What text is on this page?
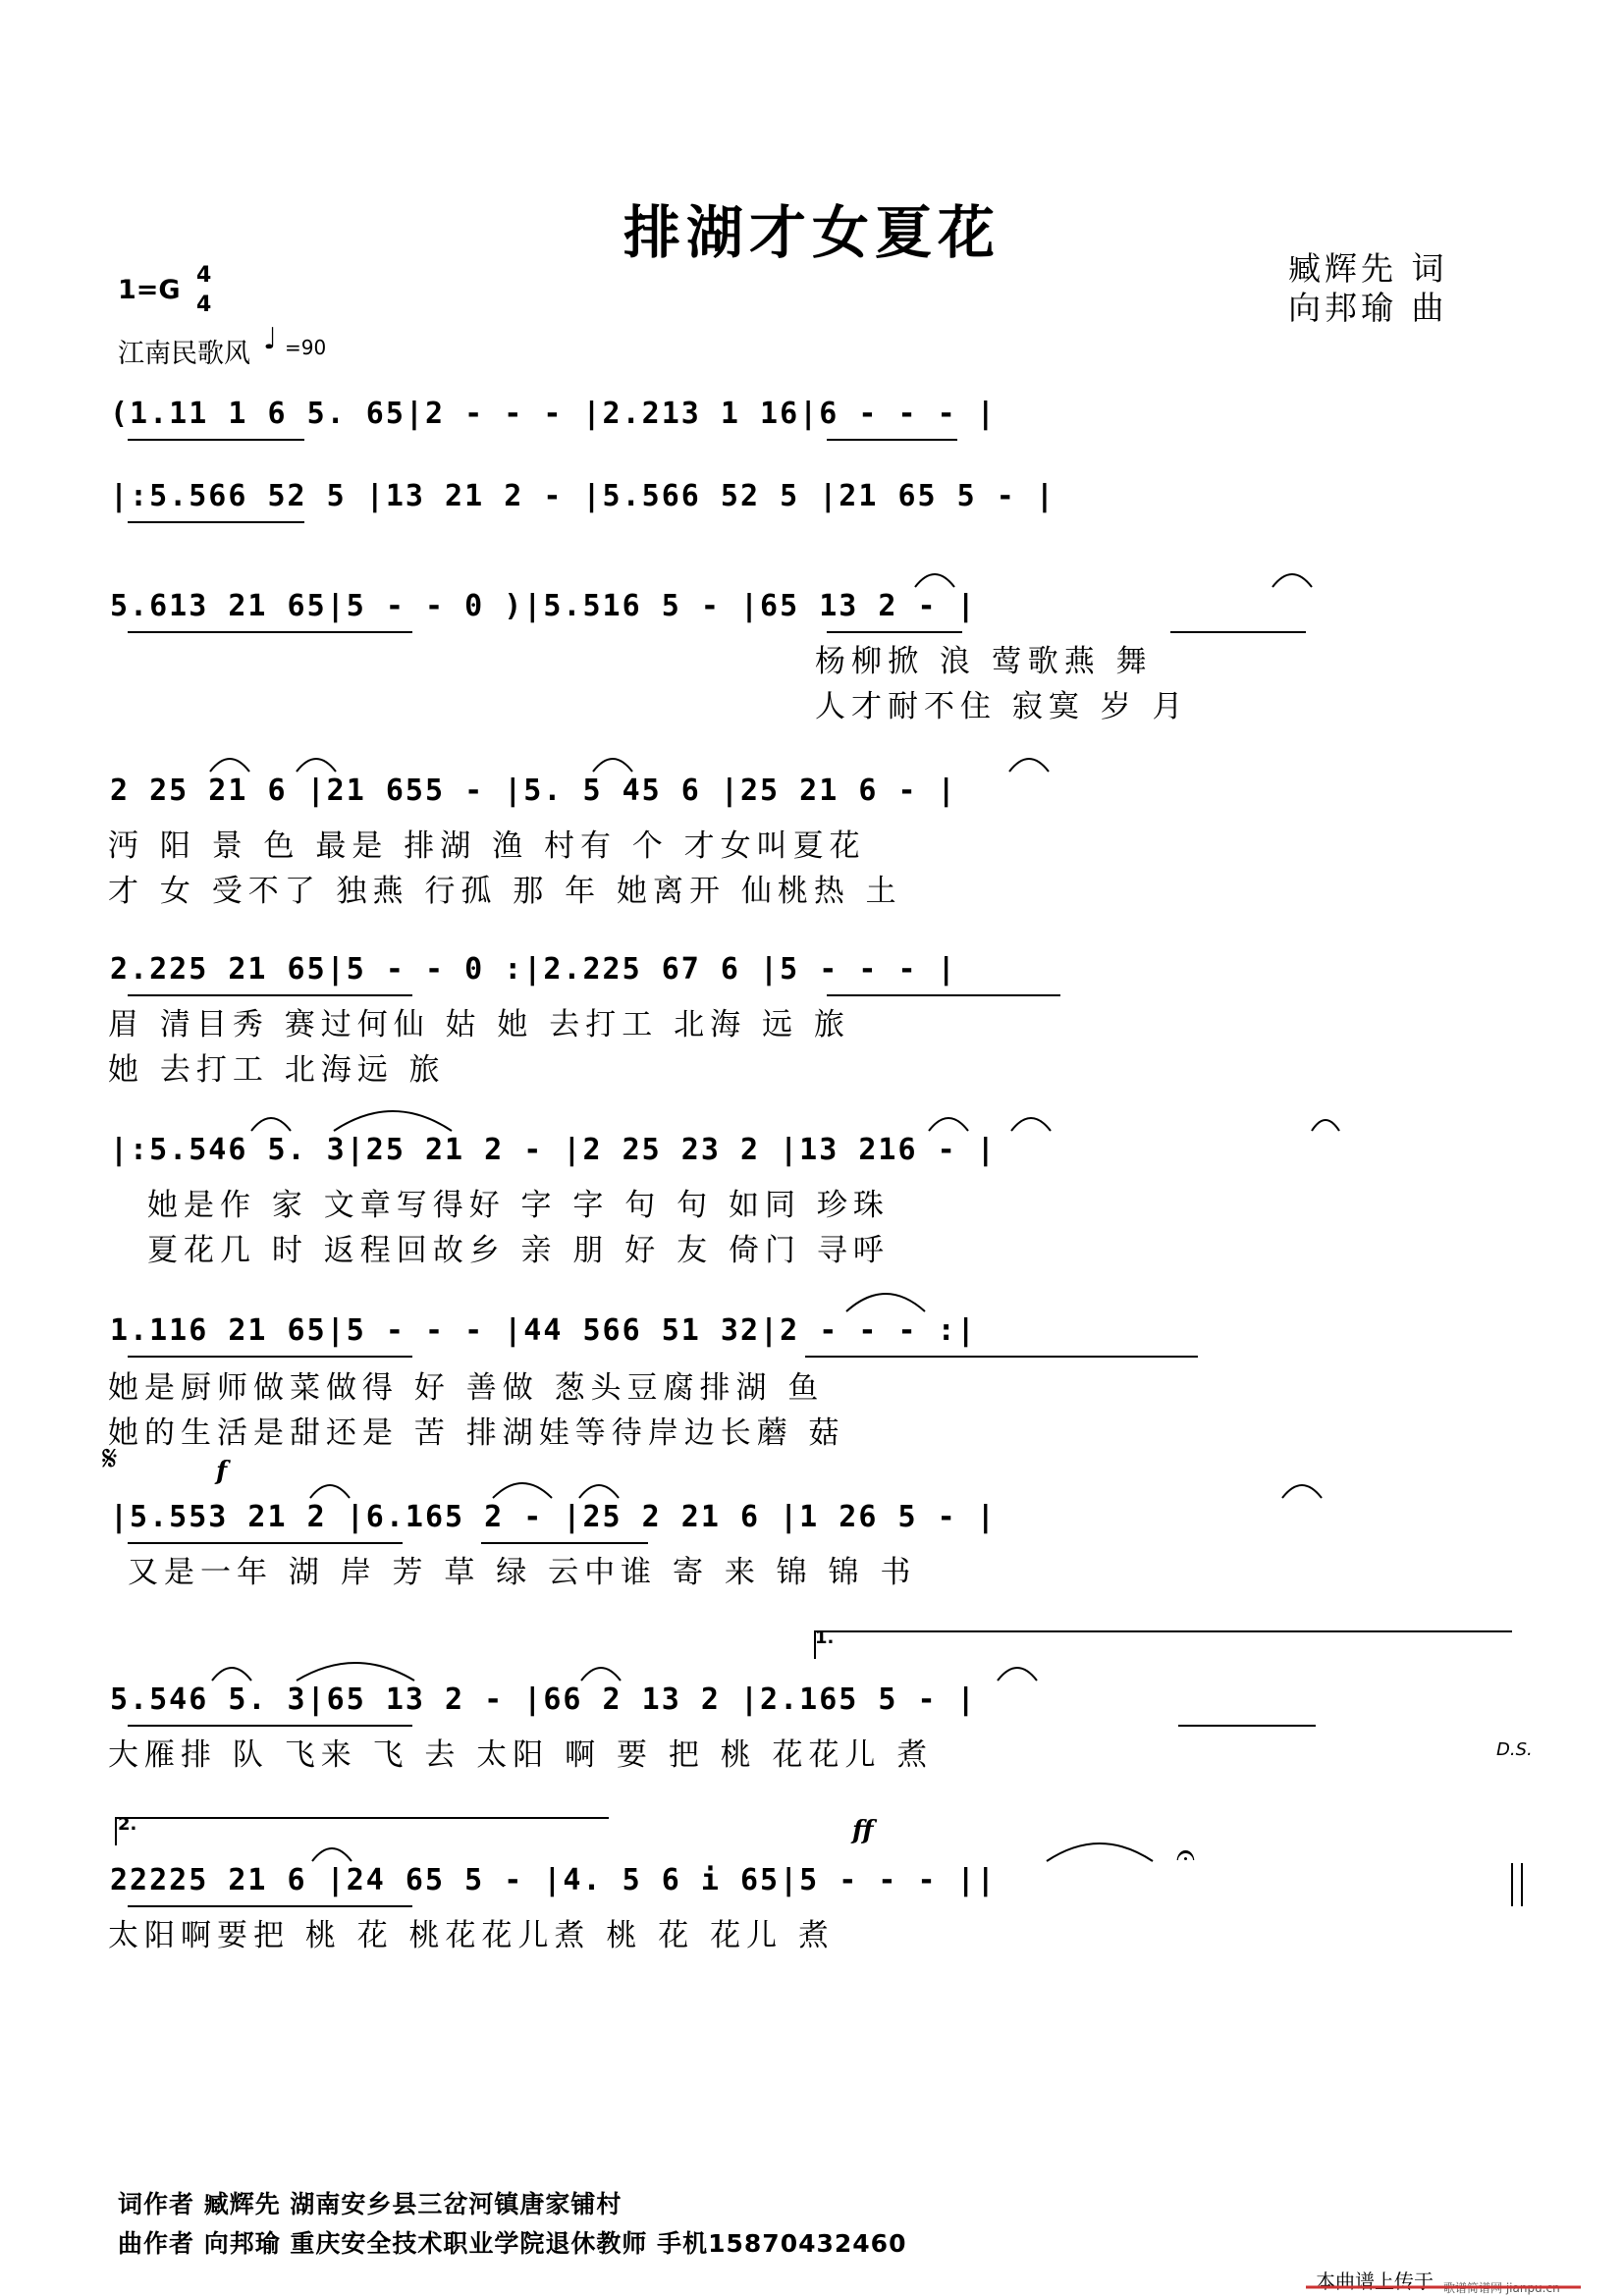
排湖才女夏花
臧辉先 词
向邦瑜 曲
1=G 4
4
江南民歌风 ♩ =90
(1.11 1 6 5. 65|2 - - - |2.213 1 16|6 - - - |
|:5.566 52 5 |13 21 2 - |5.566 52 5 |21 65 5 - |
5.613 21 65|5 - - 0 )|5.516 5 - |65 13 2 - |
杨柳掀 浪 莺歌燕 舞
人才耐不住 寂寞 岁 月
2 25 21 6 |21 655 - |5. 5 45 6 |25 21 6 - |
沔 阳 景 色 最是 排湖 渔 村有 个 才女叫夏花
才 女 受不了 独燕 行孤 那 年 她离开 仙桃热 土
2.225 21 65|5 - - 0 :|2.225 67 6 |5 - - - |
眉 清目秀 赛过何仙 姑 她 去打工 北海 远 旅
她 去打工 北海远 旅
|:5.546 5. 3|25 21 2 - |2 25 23 2 |13 216 - |
她是作 家 文章写得好 字 字 句 句 如同 珍珠
夏花几 时 返程回故乡 亲 朋 好 友 倚门 寻呼
1.116 21 65|5 - - - |44 566 51 32|2 - - - :|
她是厨师做菜做得 好 善做 葱头豆腐排湖 鱼
她的生活是甜还是 苦 排湖娃等待岸边长蘑 菇
𝄋	f
|5.553 21 2 |6.165 2 - |25 2 21 6 |1 26 5 - |
又是一年 湖 岸 芳 草 绿 云中谁 寄 来 锦 锦 书
1.
5.546 5. 3|65 13 2 - |66 2 13 2 |2.165 5 - |
大雁排 队 飞来 飞 去 太阳 啊 要 把 桃 花花儿 煮	D.S.
2.	ff
𝄐
22225 21 6 |24 65 5 - |4. 5 6 i 65|5 - - - ||
太阳啊要把 桃 花 桃花花儿煮 桃 花 花儿 煮
词作者 臧辉先 湖南安乡县三岔河镇唐家铺村
曲作者 向邦瑜 重庆安全技术职业学院退休教师 手机15870432460
本曲谱上传于 歌谱简谱网 jianpu.cn
